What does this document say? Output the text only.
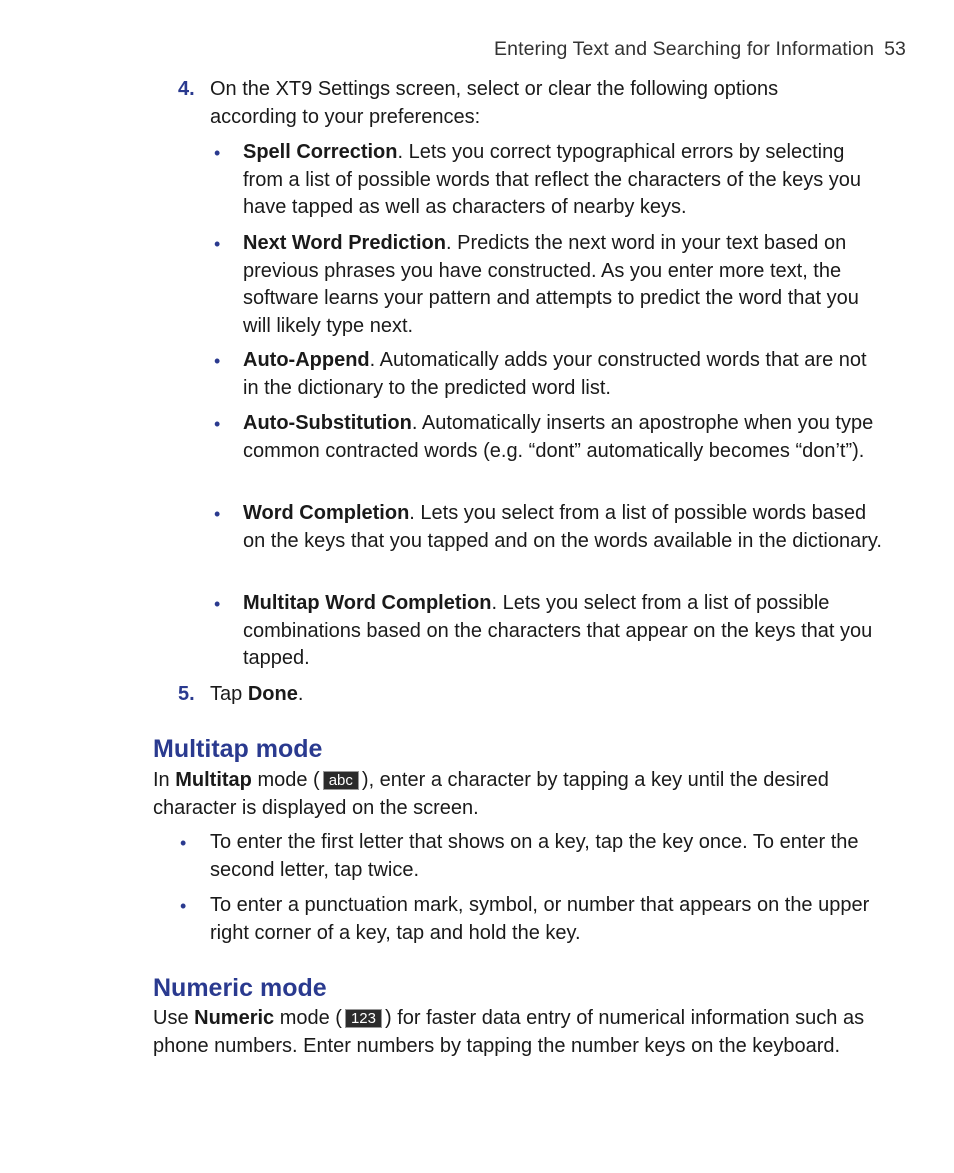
Entering Text and Searching for Information 53
4. On the XT9 Settings screen, select or clear the following options according to your preferences:
• Spell Correction. Lets you correct typographical errors by selecting from a list of possible words that reflect the characters of the keys you have tapped as well as characters of nearby keys.
• Next Word Prediction. Predicts the next word in your text based on previous phrases you have constructed. As you enter more text, the software learns your pattern and attempts to predict the word that you will likely type next.
• Auto-Append. Automatically adds your constructed words that are not in the dictionary to the predicted word list.
• Auto-Substitution. Automatically inserts an apostrophe when you type common contracted words (e.g. “dont” automatically becomes “don’t”).
• Word Completion. Lets you select from a list of possible words based on the keys that you tapped and on the words available in the dictionary.
• Multitap Word Completion. Lets you select from a list of possible combinations based on the characters that appear on the keys that you tapped.
5. Tap Done.
Multitap mode
In Multitap mode ( abc ), enter a character by tapping a key until the desired character is displayed on the screen.
• To enter the first letter that shows on a key, tap the key once. To enter the second letter, tap twice.
• To enter a punctuation mark, symbol, or number that appears on the upper right corner of a key, tap and hold the key.
Numeric mode
Use Numeric mode ( 123 ) for faster data entry of numerical information such as phone numbers. Enter numbers by tapping the number keys on the keyboard.
